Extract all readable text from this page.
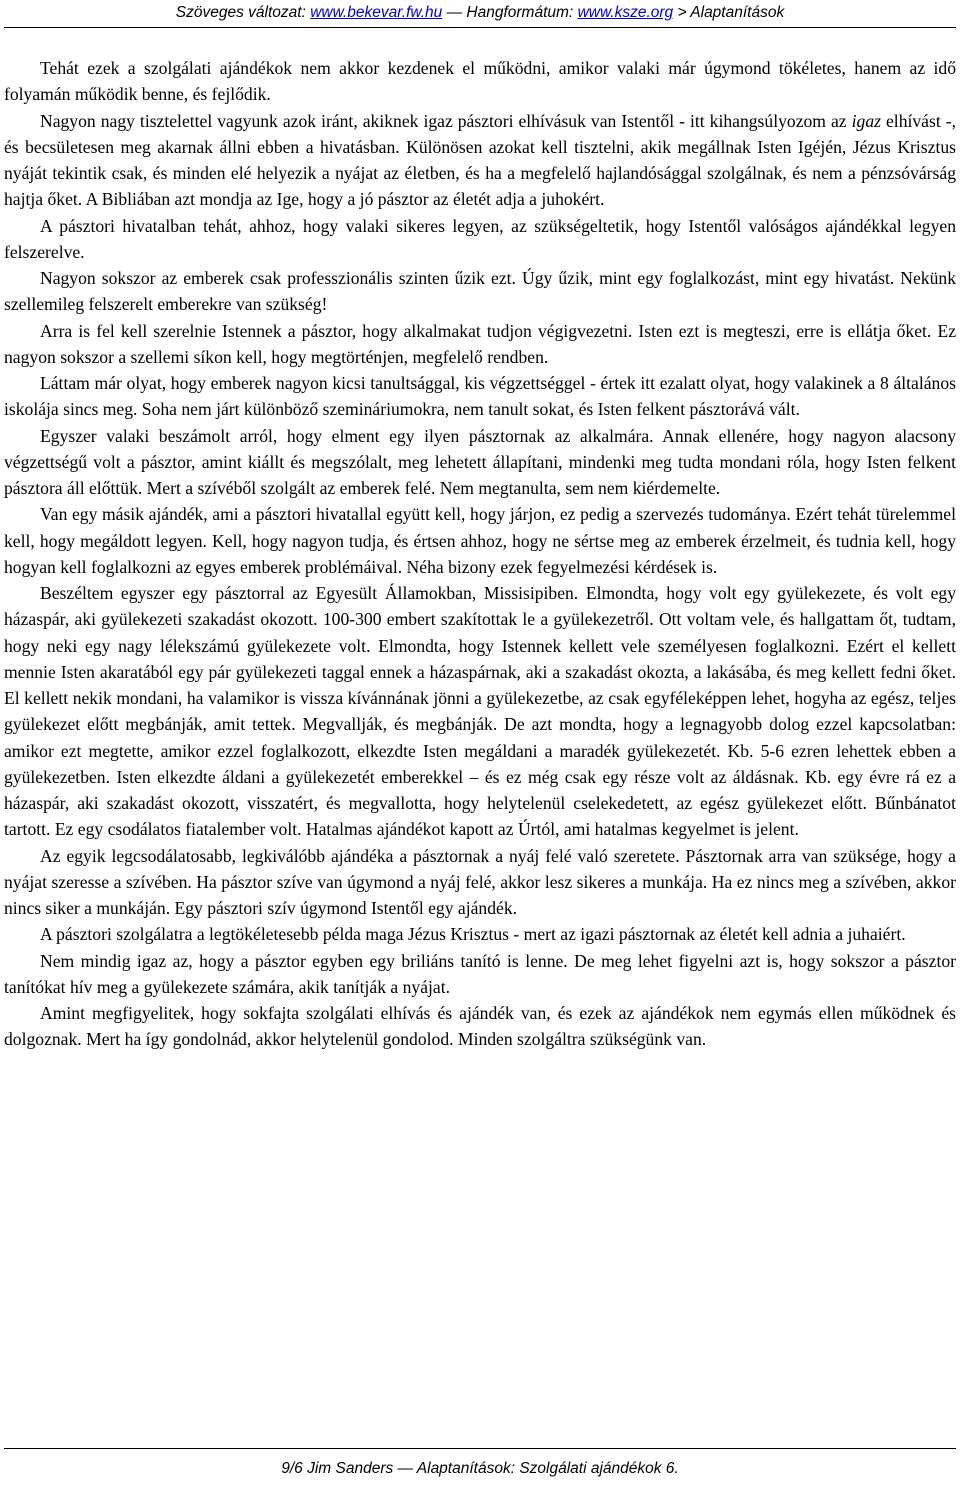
Szöveges változat: www.bekevar.fw.hu — Hangformátum: www.ksze.org > Alaptanítások

Tehát ezek a szolgálati ajándékok nem akkor kezdenek el működni, amikor valaki már úgymond tökéletes, hanem az idő folyamán működik benne, és fejlődik.

Nagyon nagy tisztelettel vagyunk azok iránt, akiknek igaz pásztori elhívásuk van Istentől - itt kihangsúlyozom az igaz elhívást -, és becsületesen meg akarnak állni ebben a hivatásban. Különösen azokat kell tisztelni, akik megállnak Isten Igéjén, Jézus Krisztus nyáját tekintik csak, és minden elé helyezik a nyájat az életben, és ha a megfelelő hajlandósággal szolgálnak, és nem a pénzsóvárság hajtja őket. A Bibliában azt mondja az Ige, hogy a jó pásztor az életét adja a juhokért.

A pásztori hivatalban tehát, ahhoz, hogy valaki sikeres legyen, az szükségeltetik, hogy Istentől valóságos ajándékkal legyen felszerelve.

Nagyon sokszor az emberek csak professzionális szinten űzik ezt. Úgy űzik, mint egy foglalkozást, mint egy hivatást. Nekünk szellemileg felszerelt emberekre van szükség!

Arra is fel kell szerelnie Istennek a pásztor, hogy alkalmakat tudjon végigvezetni. Isten ezt is megteszi, erre is ellátja őket. Ez nagyon sokszor a szellemi síkon kell, hogy megtörténjen, megfelelő rendben.

Láttam már olyat, hogy emberek nagyon kicsi tanultsággal, kis végzettséggel - értek itt ezalatt olyat, hogy valakinek a 8 általános iskolája sincs meg. Soha nem járt különböző szemináriumokra, nem tanult sokat, és Isten felkent pásztorává vált.

Egyszer valaki beszámolt arról, hogy elment egy ilyen pásztornak az alkalmára. Annak ellenére, hogy nagyon alacsony végzettségű volt a pásztor, amint kiállt és megszólalt, meg lehetett állapítani, mindenki meg tudta mondani róla, hogy Isten felkent pásztora áll előttük. Mert a szívéből szolgált az emberek felé. Nem megtanulta, sem nem kiérdemelte.

Van egy másik ajándék, ami a pásztori hivatallal együtt kell, hogy járjon, ez pedig a szervezés tudománya. Ezért tehát türelemmel kell, hogy megáldott legyen. Kell, hogy nagyon tudja, és értsen ahhoz, hogy ne sértse meg az emberek érzelmeit, és tudnia kell, hogy hogyan kell foglalkozni az egyes emberek problémáival. Néha bizony ezek fegyelmezési kérdések is.

Beszéltem egyszer egy pásztorral az Egyesült Államokban, Missisipiben. Elmondta, hogy volt egy gyülekezete, és volt egy házaspár, aki gyülekezeti szakadást okozott. 100-300 embert szakítottak le a gyülekezetről. Ott voltam vele, és hallgattam őt, tudtam, hogy neki egy nagy lélekszámú gyülekezete volt. Elmondta, hogy Istennek kellett vele személyesen foglalkozni. Ezért el kellett mennie Isten akaratából egy pár gyülekezeti taggal ennek a házaspárnak, aki a szakadást okozta, a lakásába, és meg kellett fedni őket. El kellett nekik mondani, ha valamikor is vissza kívánnának jönni a gyülekezetbe, az csak egyféleképpen lehet, hogyha az egész, teljes gyülekezet előtt megbánják, amit tettek. Megvallják, és megbánják. De azt mondta, hogy a legnagyobb dolog ezzel kapcsolatban: amikor ezt megtette, amikor ezzel foglalkozott, elkezdte Isten megáldani a maradék gyülekezetét. Kb. 5-6 ezren lehettek ebben a gyülekezetben. Isten elkezdte áldani a gyülekezetét emberekkel – és ez még csak egy része volt az áldásnak. Kb. egy évre rá ez a házaspár, aki szakadást okozott, visszatért, és megvallotta, hogy helytelenül cselekedetett, az egész gyülekezet előtt. Bűnbánatot tartott. Ez egy csodálatos fiatalember volt. Hatalmas ajándékot kapott az Úrtól, ami hatalmas kegyelmet is jelent.

Az egyik legcsodálatosabb, legkiválóbb ajándéka a pásztornak a nyáj felé való szeretete. Pásztornak arra van szüksége, hogy a nyájat szeresse a szívében. Ha pásztor szíve van úgymond a nyáj felé, akkor lesz sikeres a munkája. Ha ez nincs meg a szívében, akkor nincs siker a munkáján. Egy pásztori szív úgymond Istentől egy ajándék.

A pásztori szolgálatra a legtökéletesebb példa maga Jézus Krisztus - mert az igazi pásztornak az életét kell adnia a juhaiért.

Nem mindig igaz az, hogy a pásztor egyben egy briliáns tanító is lenne. De meg lehet figyelni azt is, hogy sokszor a pásztor tanítókat hív meg a gyülekezete számára, akik tanítják a nyájat.

Amint megfigyelitek, hogy sokfajta szolgálati elhívás és ajándék van, és ezek az ajándékok nem egymás ellen működnek és dolgoznak. Mert ha így gondolnád, akkor helytelenül gondolod. Minden szolgáltra szükségünk van.

9/6 Jim Sanders — Alaptanítások: Szolgálati ajándékok 6.
